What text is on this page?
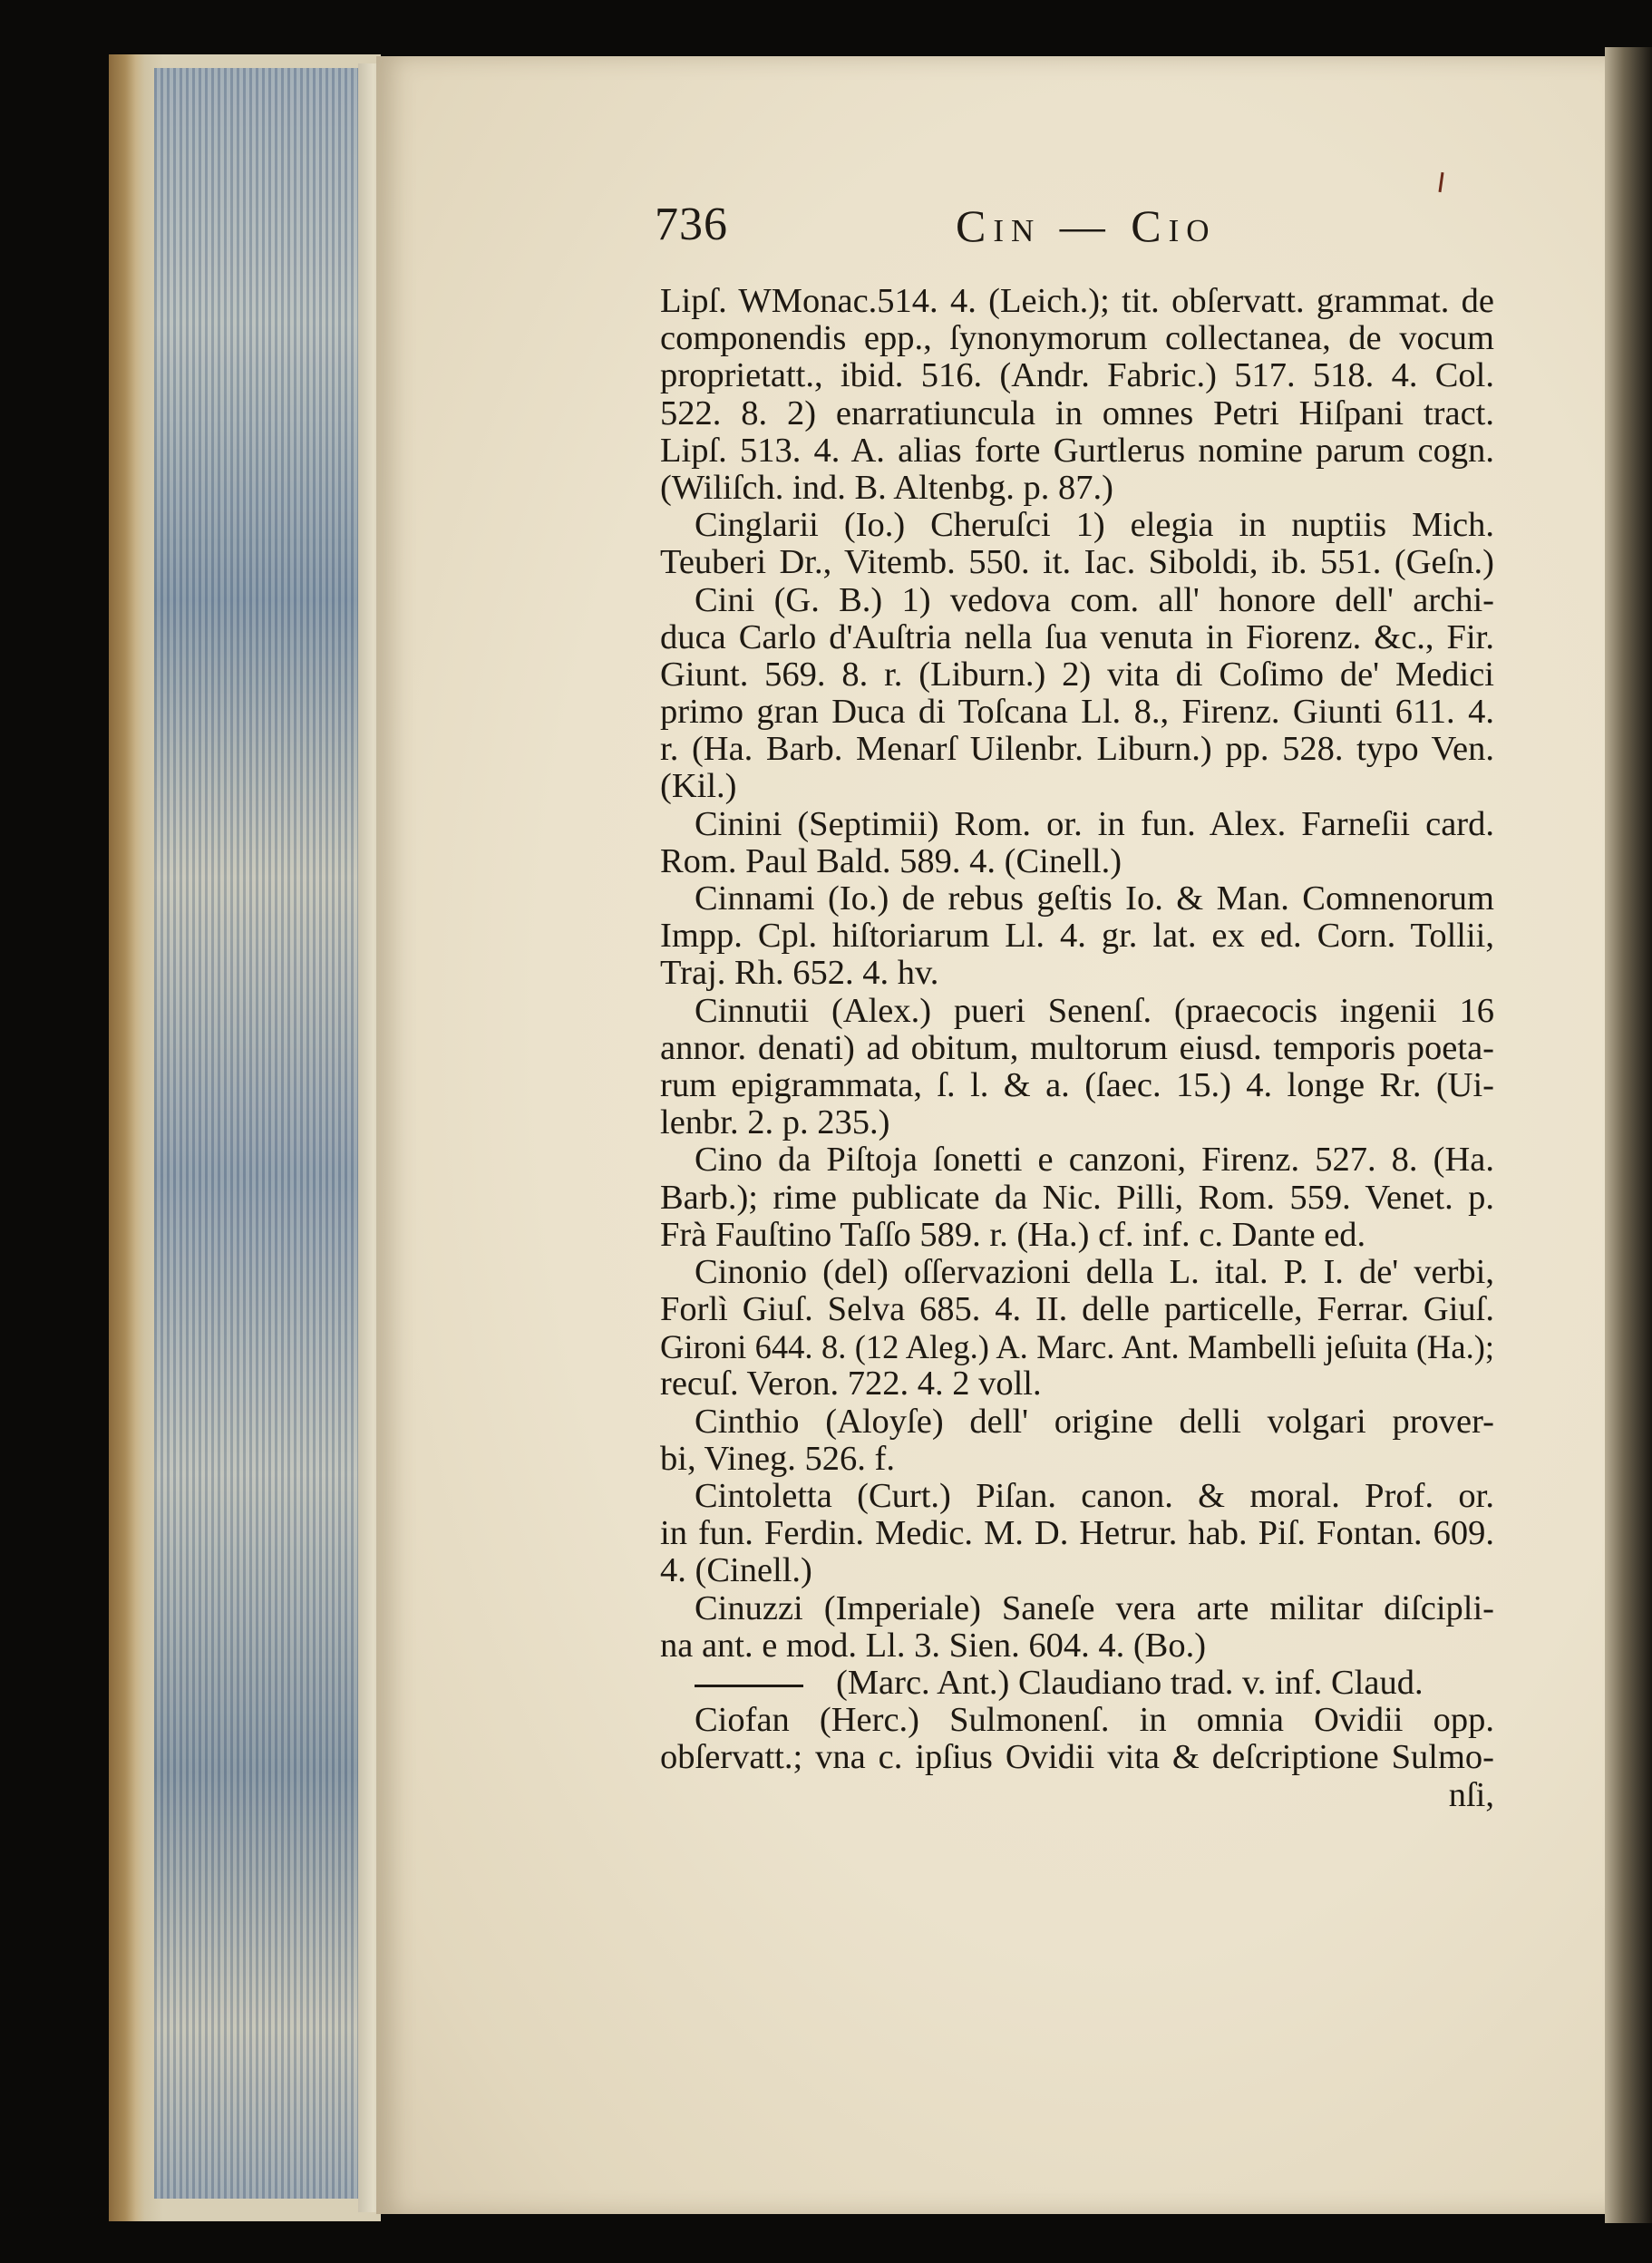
736	Cin — Cio
Lipſ. WMonac.514. 4. (Leich.); tit. obſervatt. grammat. de
componendis epp., ſynonymorum collectanea, de vocum
proprietatt., ibid. 516. (Andr. Fabric.) 517. 518. 4. Col.
522. 8. 2) enarratiuncula in omnes Petri Hiſpani tract.
Lipſ. 513. 4. A. alias forte Gurtlerus nomine parum cogn.
(Wiliſch. ind. B. Altenbg. p. 87.)
Cinglarii (Io.) Cheruſci 1) elegia in nuptiis Mich.
Teuberi Dr., Vitemb. 550. it. Iac. Siboldi, ib. 551. (Geſn.)
Cini (G. B.) 1) vedova com. all' honore dell' archi-
duca Carlo d'Auſtria nella ſua venuta in Fiorenz. &c., Fir.
Giunt. 569. 8. r. (Liburn.) 2) vita di Coſimo de' Medici
primo gran Duca di Toſcana Ll. 8., Firenz. Giunti 611. 4.
r. (Ha. Barb. Menarſ Uilenbr. Liburn.) pp. 528. typo Ven.
(Kil.)
Cinini (Septimii) Rom. or. in fun. Alex. Farneſii card.
Rom. Paul Bald. 589. 4. (Cinell.)
Cinnami (Io.) de rebus geſtis Io. & Man. Comnenorum
Impp. Cpl. hiſtoriarum Ll. 4. gr. lat. ex ed. Corn. Tollii,
Traj. Rh. 652. 4. hv.
Cinnutii (Alex.) pueri Senenſ. (praecocis ingenii 16
annor. denati) ad obitum, multorum eiusd. temporis poeta-
rum epigrammata, ſ. l. & a. (ſaec. 15.) 4. longe Rr. (Ui-
lenbr. 2. p. 235.)
Cino da Piſtoja ſonetti e canzoni, Firenz. 527. 8. (Ha.
Barb.); rime publicate da Nic. Pilli, Rom. 559. Venet. p.
Frà Fauſtino Taſſo 589. r. (Ha.) cf. inf. c. Dante ed.
Cinonio (del) oſſervazioni della L. ital. P. I. de' verbi,
Forlì Giuſ. Selva 685. 4. II. delle particelle, Ferrar. Giuſ.
Gironi 644. 8. (12 Aleg.) A. Marc. Ant. Mambelli jeſuita (Ha.);
recuſ. Veron. 722. 4. 2 voll.
Cinthio (Aloyſe) dell' origine delli volgari prover-
bi, Vineg. 526. f.
Cintoletta (Curt.) Piſan. canon. & moral. Prof. or.
in fun. Ferdin. Medic. M. D. Hetrur. hab. Piſ. Fontan. 609.
4. (Cinell.)
Cinuzzi (Imperiale) Saneſe vera arte militar diſcipli-
na ant. e mod. Ll. 3. Sien. 604. 4. (Bo.)
(Marc. Ant.) Claudiano trad. v. inf. Claud.
Ciofan (Herc.) Sulmonenſ. in omnia Ovidii opp.
obſervatt.; vna c. ipſius Ovidii vita & deſcriptione Sulmo-
nſi,
